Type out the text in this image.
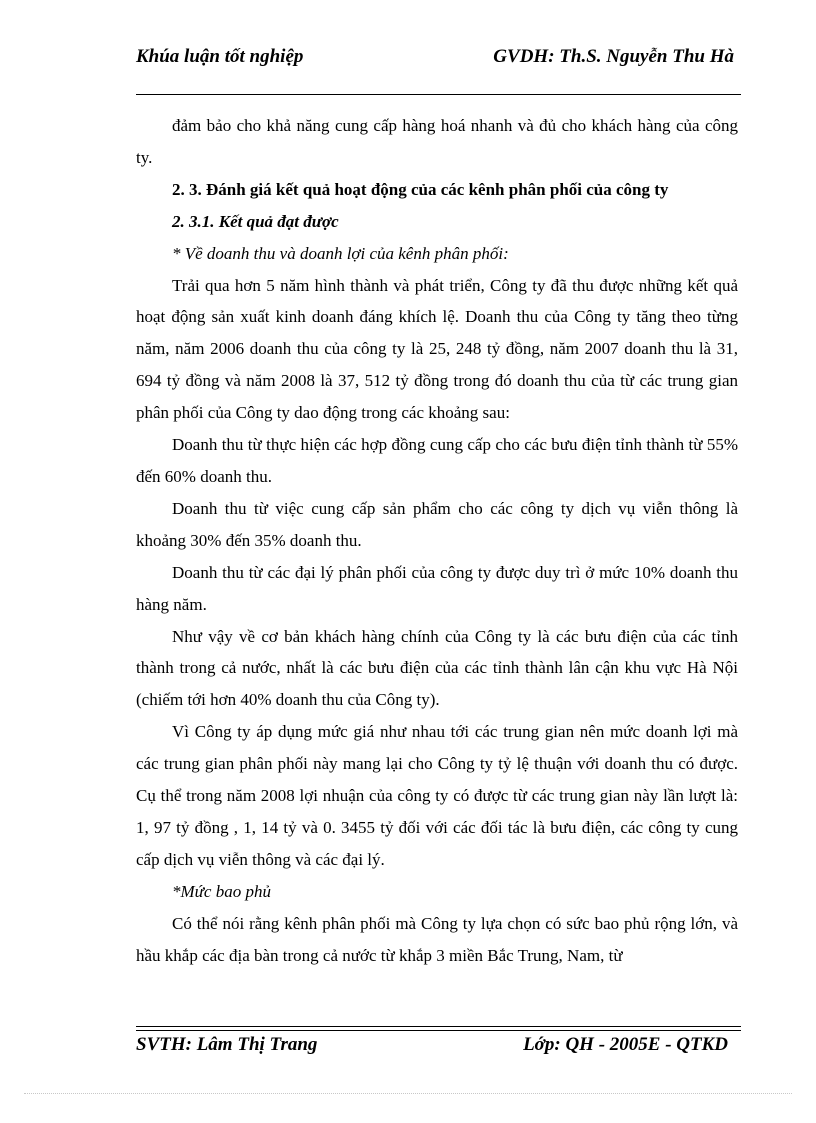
Khúa luận tốt nghiệp	GVDH: Th.S. Nguyễn Thu Hà

đảm bảo cho khả năng cung cấp hàng hoá nhanh và đủ cho khách hàng của công ty.

2. 3. Đánh giá kết quả hoạt động của các kênh phân phối của công ty

2. 3.1. Kết quả đạt được

* Về doanh thu và doanh lợi của kênh phân phối:

Trải qua hơn 5 năm hình thành và phát triển, Công ty đã thu được những kết quả hoạt động sản xuất kinh doanh đáng khích lệ. Doanh thu của Công ty tăng theo từng năm, năm 2006 doanh thu của công ty là 25, 248 tỷ đồng, năm 2007 doanh thu là 31, 694 tỷ đồng và năm 2008 là 37, 512 tỷ đồng trong đó doanh thu của từ các trung gian phân phối của Công ty dao động trong các khoảng sau:

Doanh thu từ thực hiện các hợp đồng cung cấp cho các bưu điện tỉnh thành từ 55% đến 60% doanh thu.

Doanh thu từ việc cung cấp sản phẩm cho các công ty dịch vụ viễn thông là khoảng 30% đến 35% doanh thu.

Doanh thu từ các đại lý phân phối của công ty được duy trì ở mức 10% doanh thu hàng năm.

Như vậy về cơ bản khách hàng chính của Công ty là các bưu điện của các tỉnh thành trong cả nước, nhất là các bưu điện của các tỉnh thành lân cận khu vực Hà Nội (chiếm tới hơn 40% doanh thu của Công ty).

Vì Công ty áp dụng mức giá như nhau tới các trung gian nên mức doanh lợi mà các trung gian phân phối này mang lại cho Công ty tỷ lệ thuận với doanh thu có được. Cụ thể trong năm 2008 lợi nhuận của công ty có được từ các trung gian này lần lượt là: 1, 97 tỷ đồng , 1, 14 tỷ và 0. 3455 tỷ đối với các đối tác là bưu điện, các công ty cung cấp dịch vụ viễn thông và các đại lý.

*Mức bao phủ

Có thể nói rằng kênh phân phối mà Công ty lựa chọn có sức bao phủ rộng lớn, và hầu khắp các địa bàn trong cả nước từ khắp 3 miền Bắc Trung, Nam, từ

SVTH: Lâm Thị Trang	Lớp: QH - 2005E - QTKD
